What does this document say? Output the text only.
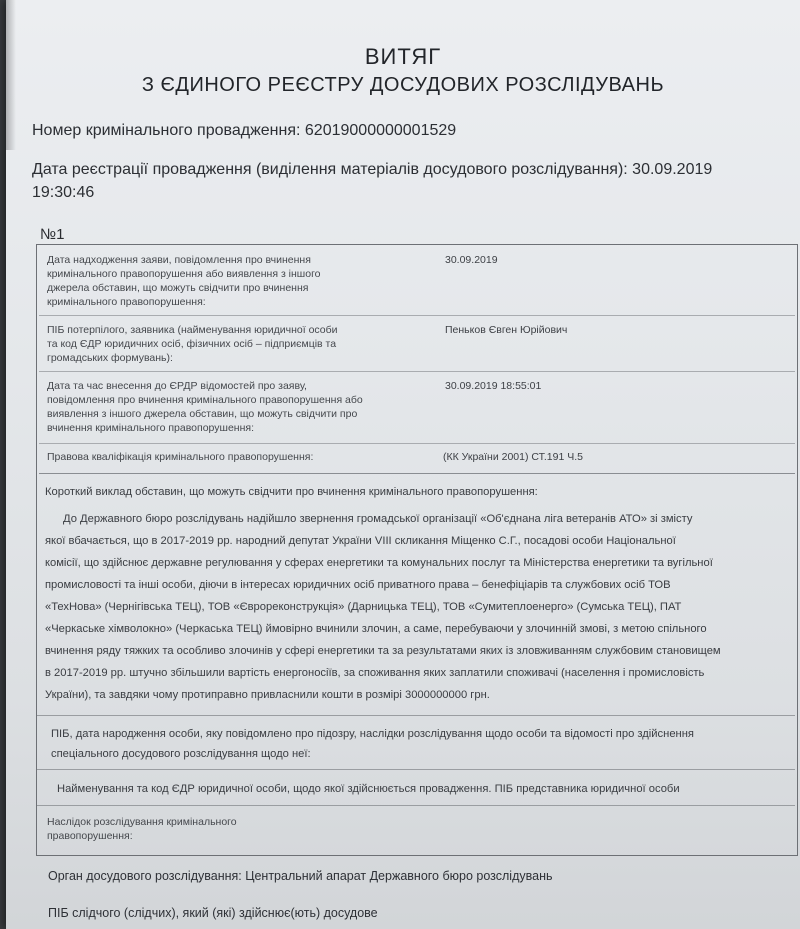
ВИТЯГ
З ЄДИНОГО РЕЄСТРУ ДОСУДОВИХ РОЗСЛІДУВАНЬ
Номер кримінального провадження: 62019000000001529
Дата реєстрації провадження (виділення матеріалів досудового розслідування): 30.09.2019
19:30:46
№1
Дата надходження заяви, повідомлення про вчинення
кримінального правопорушення або виявлення з іншого
джерела обставин, що можуть свідчити про вчинення
кримінального правопорушення:
30.09.2019
ПІБ потерпілого, заявника (найменування юридичної особи
та код ЄДР юридичних осіб, фізичних осіб – підприємців та
громадських формувань):
Пеньков Євген Юрійович
Дата та час внесення до ЄРДР відомостей про заяву,
повідомлення про вчинення кримінального правопорушення або
виявлення з іншого джерела обставин, що можуть свідчити про
вчинення кримінального правопорушення:
30.09.2019 18:55:01
Правова кваліфікація кримінального правопорушення:	(КК України 2001) СТ.191 Ч.5
Короткий виклад обставин, що можуть свідчити про вчинення кримінального правопорушення:
До Державного бюро розслідувань надійшло звернення громадської організації «Об'єднана ліга ветеранів АТО» зі змісту
якої вбачається, що в 2017-2019 рр. народний депутат України VIII скликання Міщенко С.Г., посадові особи Національної
комісії, що здійснює державне регулювання у сферах енергетики та комунальних послуг та Міністерства енергетики та вугільної
промисловості та інші особи, діючи в інтересах юридичних осіб приватного права – бенефіціарів та службових осіб ТОВ
«ТехНова» (Чернігівська ТЕЦ), ТОВ «Єврореконструкція» (Дарницька ТЕЦ), ТОВ «Сумитеплоенерго» (Сумська ТЕЦ), ПАТ
«Черкаське хімволокно» (Черкаська ТЕЦ) ймовірно вчинили злочин, а саме, перебуваючи у злочинній змові, з метою спільного
вчинення ряду тяжких та особливо злочинів у сфері енергетики та за результатами яких із зловживанням службовим становищем
в 2017-2019 рр. штучно збільшили вартість енергоносіїв, за споживання яких заплатили споживачі (населення і промисловість
України), та завдяки чому протиправно привласнили кошти в розмірі 3000000000 грн.
ПІБ, дата народження особи, яку повідомлено про підозру, наслідки розслідування щодо особи та відомості про здійснення
спеціального досудового розслідування щодо неї:
Найменування та код ЄДР юридичної особи, щодо якої здійснюється провадження. ПІБ представника юридичної особи
Наслідок розслідування кримінального
правопорушення:
Орган досудового розслідування: Центральний апарат Державного бюро розслідувань
ПІБ слідчого (слідчих), який (які) здійснює(ють) досудове
